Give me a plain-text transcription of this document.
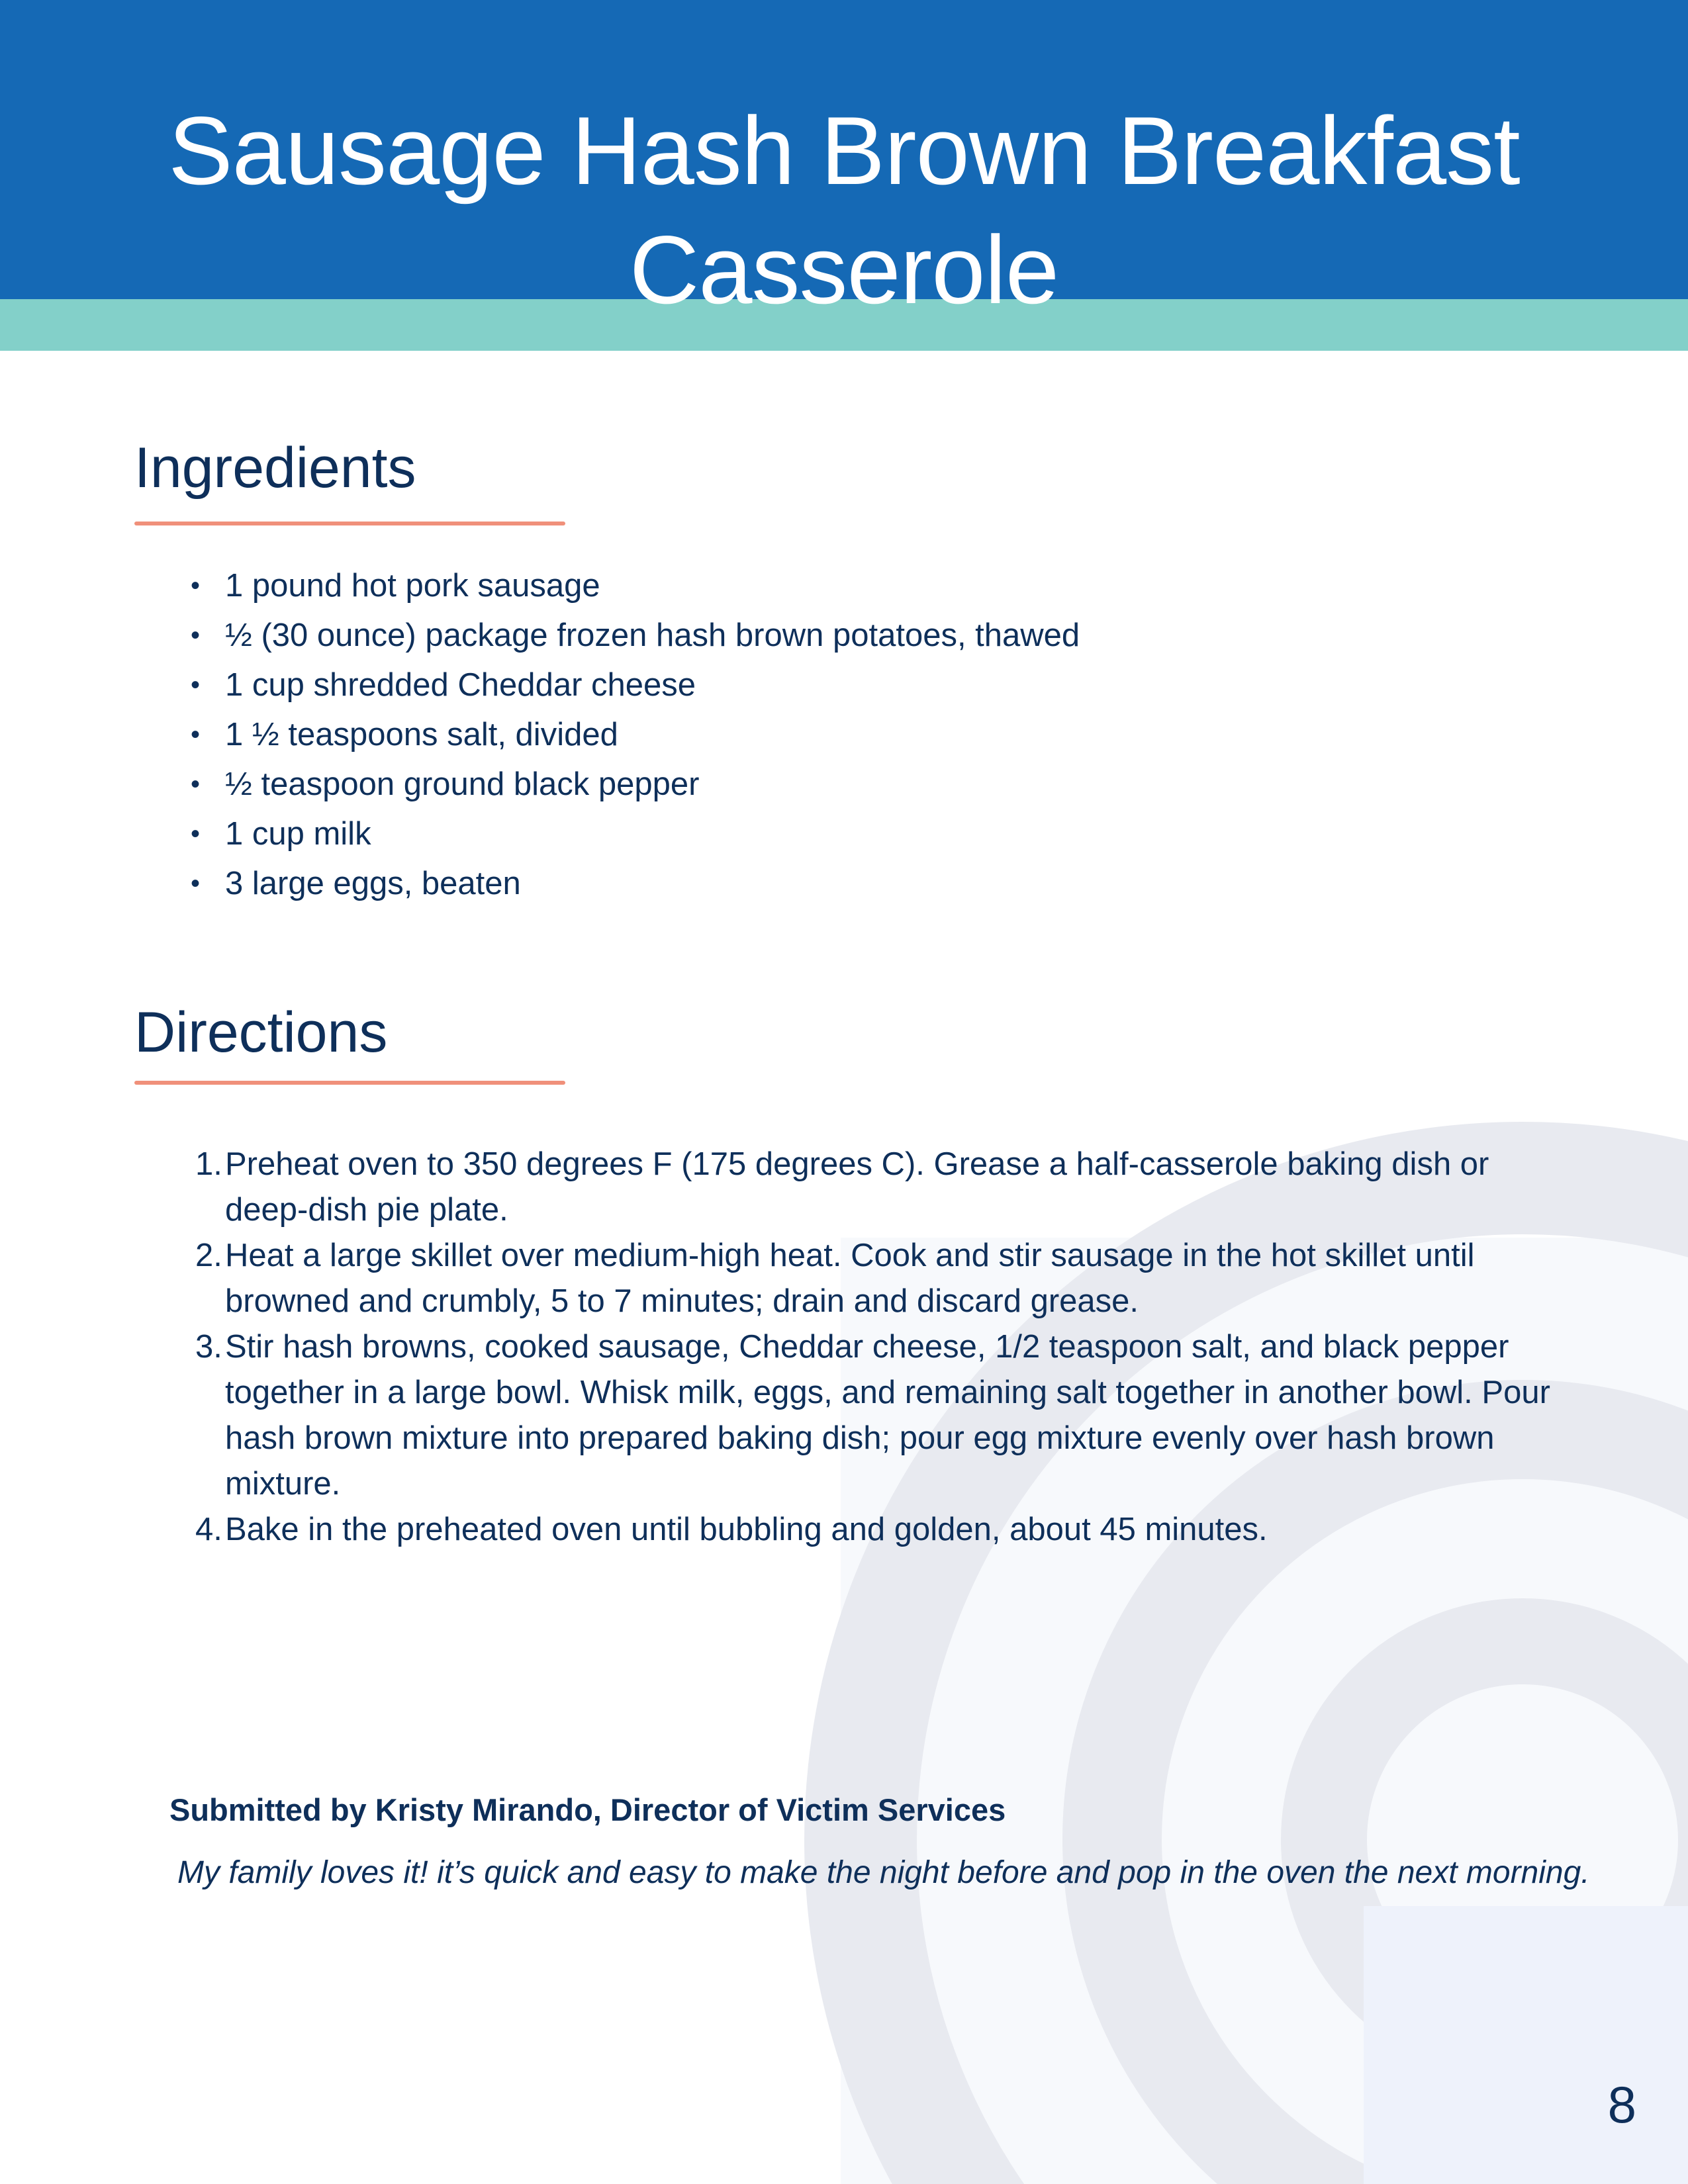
Sausage Hash Brown Breakfast Casserole
Ingredients
• 1 pound hot pork sausage
• ½ (30 ounce) package frozen hash brown potatoes, thawed
• 1 cup shredded Cheddar cheese
• 1 ½ teaspoons salt, divided
• ½ teaspoon ground black pepper
• 1 cup milk
• 3 large eggs, beaten
Directions
1. Preheat oven to 350 degrees F (175 degrees C). Grease a half-casserole baking dish or deep-dish pie plate.
2. Heat a large skillet over medium-high heat. Cook and stir sausage in the hot skillet until browned and crumbly, 5 to 7 minutes; drain and discard grease.
3. Stir hash browns, cooked sausage, Cheddar cheese, 1/2 teaspoon salt, and black pepper together in a large bowl. Whisk milk, eggs, and remaining salt together in another bowl. Pour hash brown mixture into prepared baking dish; pour egg mixture evenly over hash brown mixture.
4. Bake in the preheated oven until bubbling and golden, about 45 minutes.

Submitted by Kristy Mirando, Director of Victim Services

My family loves it! it’s quick and easy to make the night before and pop in the oven the next morning.

8
